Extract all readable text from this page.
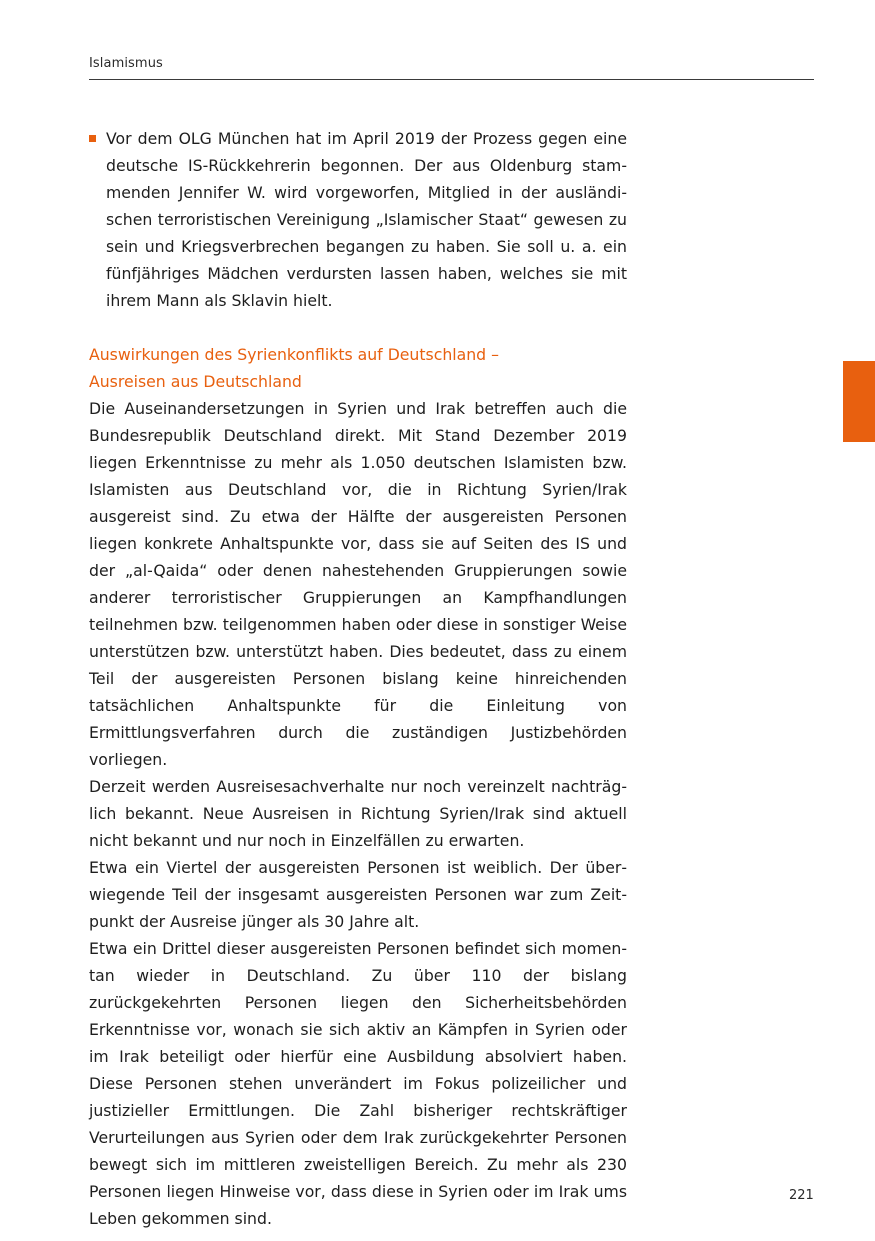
Islamismus
Vor dem OLG München hat im April 2019 der Prozess gegen eine deutsche IS-Rückkehrerin begonnen. Der aus Oldenburg stammenden Jennifer W. wird vorgeworfen, Mitglied in der ausländischen terroristischen Vereinigung „Islamischer Staat“ gewesen zu sein und Kriegsverbrechen begangen zu haben. Sie soll u. a. ein fünfjähriges Mädchen verdursten lassen haben, welches sie mit ihrem Mann als Sklavin hielt.
Auswirkungen des Syrienkonflikts auf Deutschland –
Ausreisen aus Deutschland

Die Auseinandersetzungen in Syrien und Irak betreffen auch die Bundesrepublik Deutschland direkt. Mit Stand Dezember 2019 liegen Erkenntnisse zu mehr als 1.050 deutschen Islamisten bzw. Islamisten aus Deutschland vor, die in Richtung Syrien/Irak ausgereist sind. Zu etwa der Hälfte der ausgereisten Personen liegen konkrete Anhaltspunkte vor, dass sie auf Seiten des IS und der „al-Qaida“ oder denen nahestehenden Gruppierungen sowie anderer terroristischer Gruppierungen an Kampfhandlungen teilnehmen bzw. teilgenommen haben oder diese in sonstiger Weise unterstützen bzw. unterstützt haben. Dies bedeutet, dass zu einem Teil der ausgereisten Personen bislang keine hinreichenden tatsächlichen Anhaltspunkte für die Einleitung von Ermittlungsverfahren durch die zuständigen Justizbehörden vorliegen.

Derzeit werden Ausreisesachverhalte nur noch vereinzelt nachträglich bekannt. Neue Ausreisen in Richtung Syrien/Irak sind aktuell nicht bekannt und nur noch in Einzelfällen zu erwarten.

Etwa ein Viertel der ausgereisten Personen ist weiblich. Der überwiegende Teil der insgesamt ausgereisten Personen war zum Zeitpunkt der Ausreise jünger als 30 Jahre alt.

Etwa ein Drittel dieser ausgereisten Personen befindet sich momentan wieder in Deutschland. Zu über 110 der bislang zurückgekehrten Personen liegen den Sicherheitsbehörden Erkenntnisse vor, wonach sie sich aktiv an Kämpfen in Syrien oder im Irak beteiligt oder hierfür eine Ausbildung absolviert haben. Diese Personen stehen unverändert im Fokus polizeilicher und justizieller Ermittlungen. Die Zahl bisheriger rechtskräftiger Verurteilungen aus Syrien oder dem Irak zurückgekehrter Personen bewegt sich im mittleren zweistelligen Bereich. Zu mehr als 230 Personen liegen Hinweise vor, dass diese in Syrien oder im Irak ums Leben gekommen sind.

221
